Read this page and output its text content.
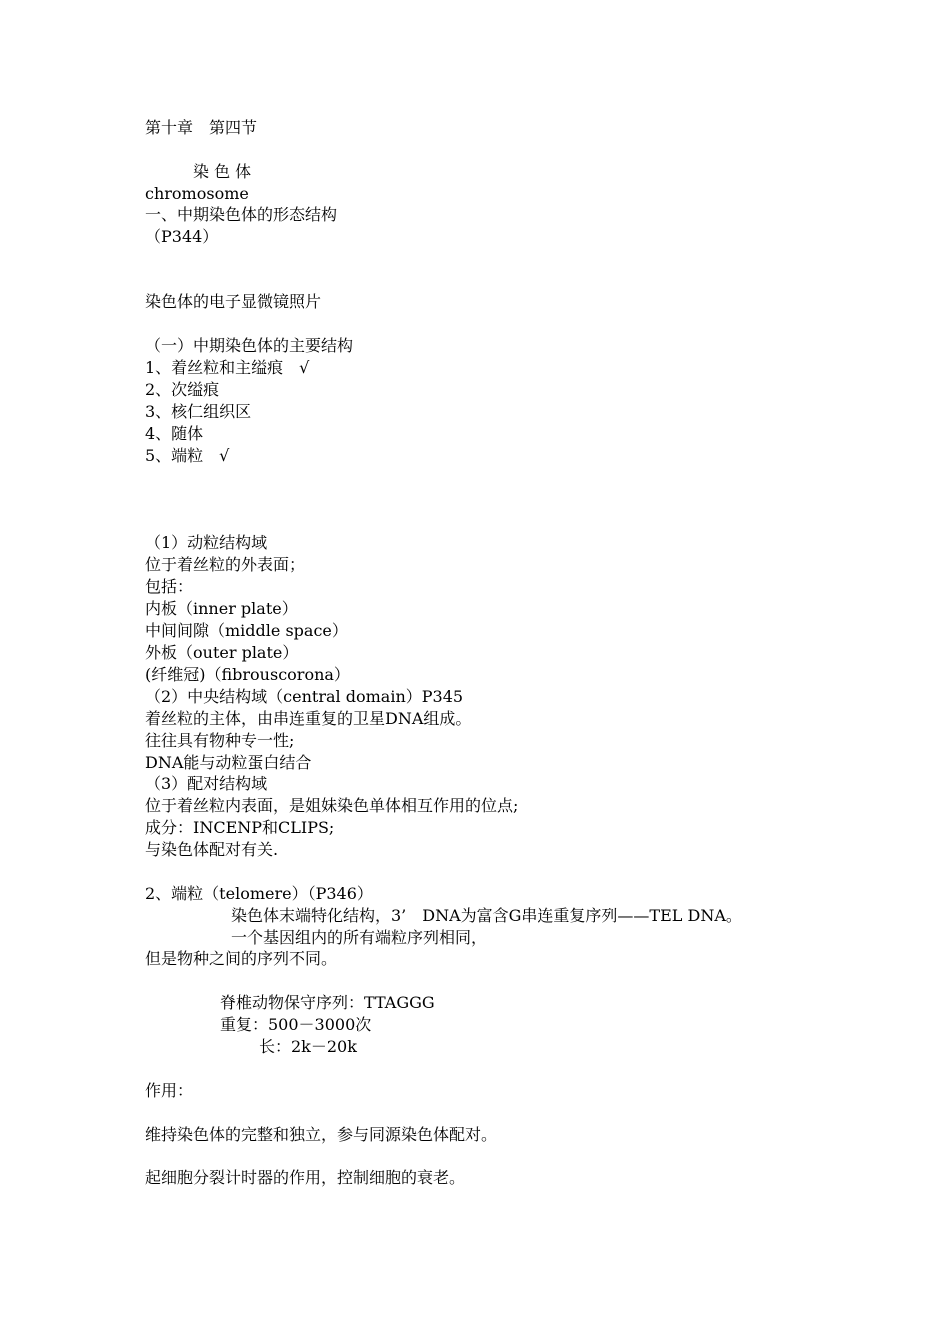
第十章　第四节
染 色 体
chromosome
一、中期染色体的形态结构
（P344）
染色体的电子显微镜照片
（一）中期染色体的主要结构
1、着丝粒和主缢痕　√
2、次缢痕
3、核仁组织区
4、随体
5、端粒　√
（1）动粒结构域
位于着丝粒的外表面；
包括：
内板（inner plate）
中间间隙（middle space）
外板（outer plate）
(纤维冠)（fibrouscorona）
（2）中央结构域（central domain）P345
着丝粒的主体，由串连重复的卫星DNA组成。
往往具有物种专一性;
DNA能与动粒蛋白结合
（3）配对结构域
位于着丝粒内表面，是姐妹染色单体相互作用的位点;
成分：INCENP和CLIPS;
与染色体配对有关.
2、端粒（telomere）（P346）
染色体末端特化结构，3’　DNA为富含G串连重复序列——TEL DNA。
一个基因组内的所有端粒序列相同，
但是物种之间的序列不同。
脊椎动物保守序列：TTAGGG
重复：500－3000次
长：2k－20k
作用：
维持染色体的完整和独立，参与同源染色体配对。
起细胞分裂计时器的作用，控制细胞的衰老。
